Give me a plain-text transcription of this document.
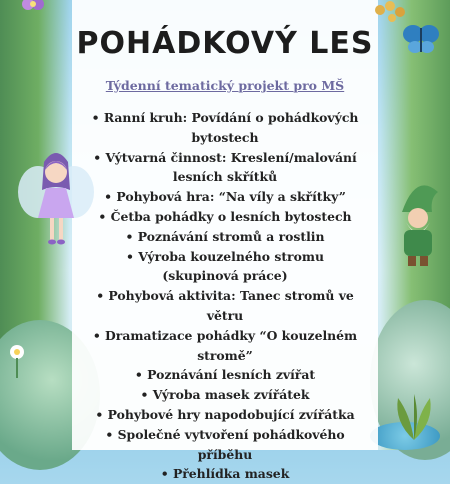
POHÁDKOVÝ LES
Týdenní tematický projekt pro MŠ
• Ranní kruh: Povídání o pohádkových
bytostech
• Výtvarná činnost: Kreslení/malování
lesních skřítků
• Pohybová hra: “Na víly a skřítky”
• Četba pohádky o lesních bytostech
• Poznávání stromů a rostlin
• Výroba kouzelného stromu
(skupinová práce)
• Pohybová aktivita: Tanec stromů ve větru
• Dramatizace pohádky “O kouzelném
stromě”
• Poznávání lesních zvířat
• Výroba masek zvířátek
• Pohybové hry napodobující zvířátka
• Společné vytvoření pohádkového příběhu
• Přehlídka masek
